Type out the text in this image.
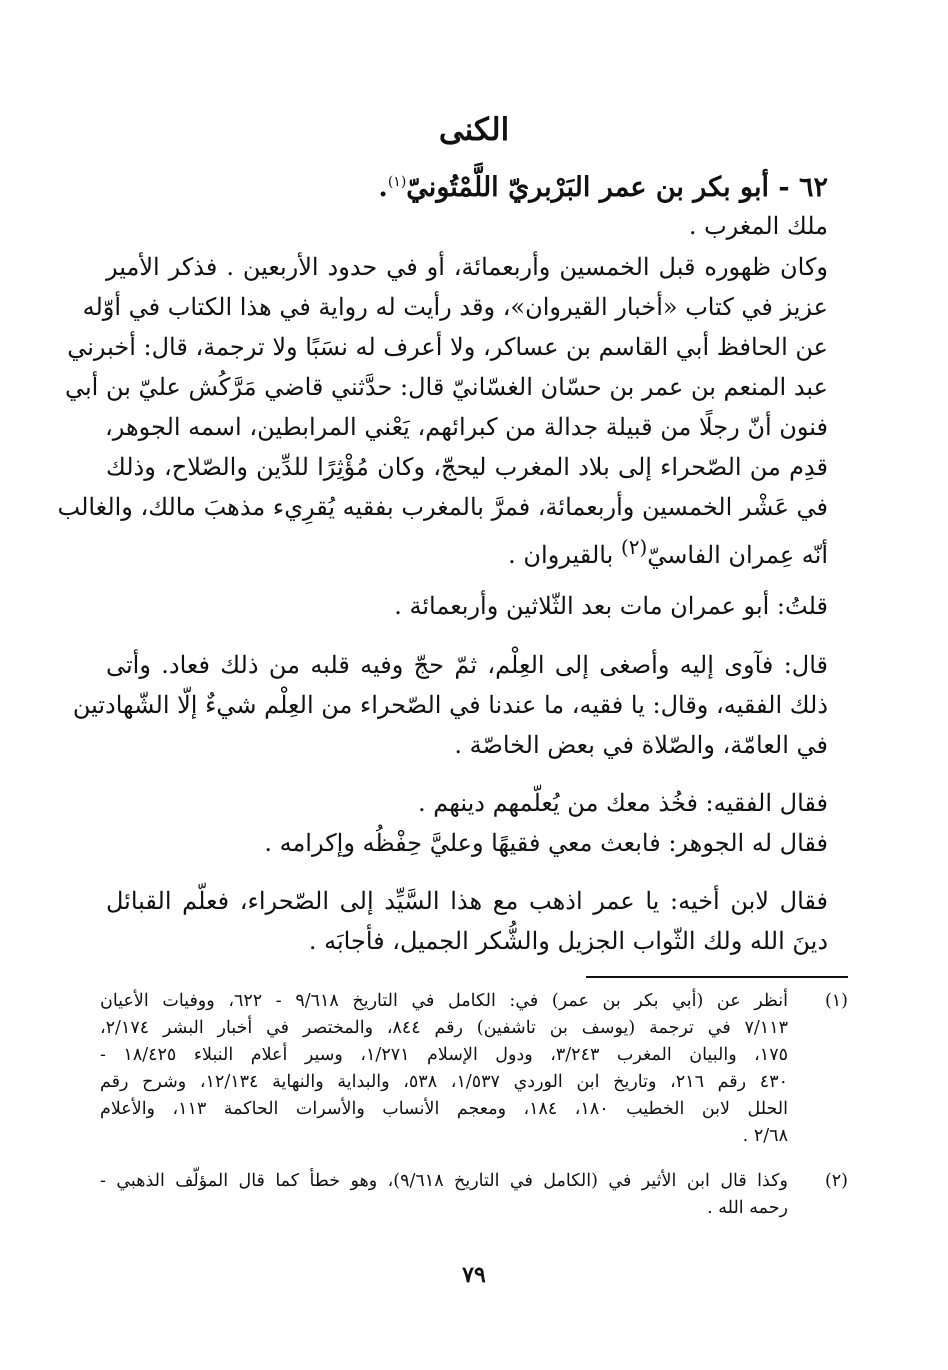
الكنى
٦٢ - أبو بكر بن عمر البَرْبريّ اللَّمْتُونيّ$^{(١)}$.
ملك المغرب .
وكان ظهوره قبل الخمسين وأربعمائة، أو في حدود الأربعين . فذكر الأمير
عزيز في كتاب «أخبار القيروان»، وقد رأيت له رواية في هذا الكتاب في أوّله
عن الحافظ أبي القاسم بن عساكر، ولا أعرف له نسَبًا ولا ترجمة، قال: أخبرني
عبد المنعم بن عمر بن حسّان الغسّانيّ قال: حدَّثني قاضي مَرَّكُش عليّ بن أبي
فنون أنّ رجلًا من قبيلة جدالة من كبرائهم، يَعْني المرابطين، اسمه الجوهر،
قدِم من الصّحراء إلى بلاد المغرب ليحجّ، وكان مُؤْثِرًا للدِّين والصّلاح، وذلك
في عَشْر الخمسين وأربعمائة، فمرَّ بالمغرب بفقيه يُقرِيء مذهبَ مالك، والغالب
أنّه عِمران الفاسيّ$^{(٢)}$ بالقيروان .
قلتُ: أبو عمران مات بعد الثّلاثين وأربعمائة .
قال: فآوى إليه وأصغى إلى العِلْم، ثمّ حجّ وفيه قلبه من ذلك فعاد. وأتى
ذلك الفقيه، وقال: يا فقيه، ما عندنا في الصّحراء من العِلْم شيءٌ إلّا الشّهادتين
في العامّة، والصّلاة في بعض الخاصّة .
فقال الفقيه: فخُذ معك من يُعلّمهم دينهم .
فقال له الجوهر: فابعث معي فقيهًا وعليَّ حِفْظُه وإكرامه .
فقال لابن أخيه: يا عمر اذهب مع هذا السَّيِّد إلى الصّحراء، فعلّم القبائل
دينَ الله ولك الثّواب الجزيل والشُّكر الجميل، فأجابَه .
(١)
أنظر عن (أبي بكر بن عمر) في: الكامل في التاريخ ٩/٦١٨ - ٦٢٢، ووفيات الأعيان
٧/١١٣ في ترجمة (يوسف بن تاشفين) رقم ٨٤٤، والمختصر في أخبار البشر ٢/١٧٤،
١٧٥، والبيان المغرب ٣/٢٤٣، ودول الإسلام ١/٢٧١، وسير أعلام النبلاء ١٨/٤٢٥ -
٤٣٠ رقم ٢١٦، وتاريخ ابن الوردي ١/٥٣٧، ٥٣٨، والبداية والنهاية ١٢/١٣٤، وشرح رقم
الحلل لابن الخطيب ١٨٠، ١٨٤، ومعجم الأنساب والأسرات الحاكمة ١١٣، والأعلام
٢/٦٨ .
(٢)
وكذا قال ابن الأثير في (الكامل في التاريخ ٩/٦١٨)، وهو خطأ كما قال المؤلّف الذهبي -
رحمه الله .
٧٩
